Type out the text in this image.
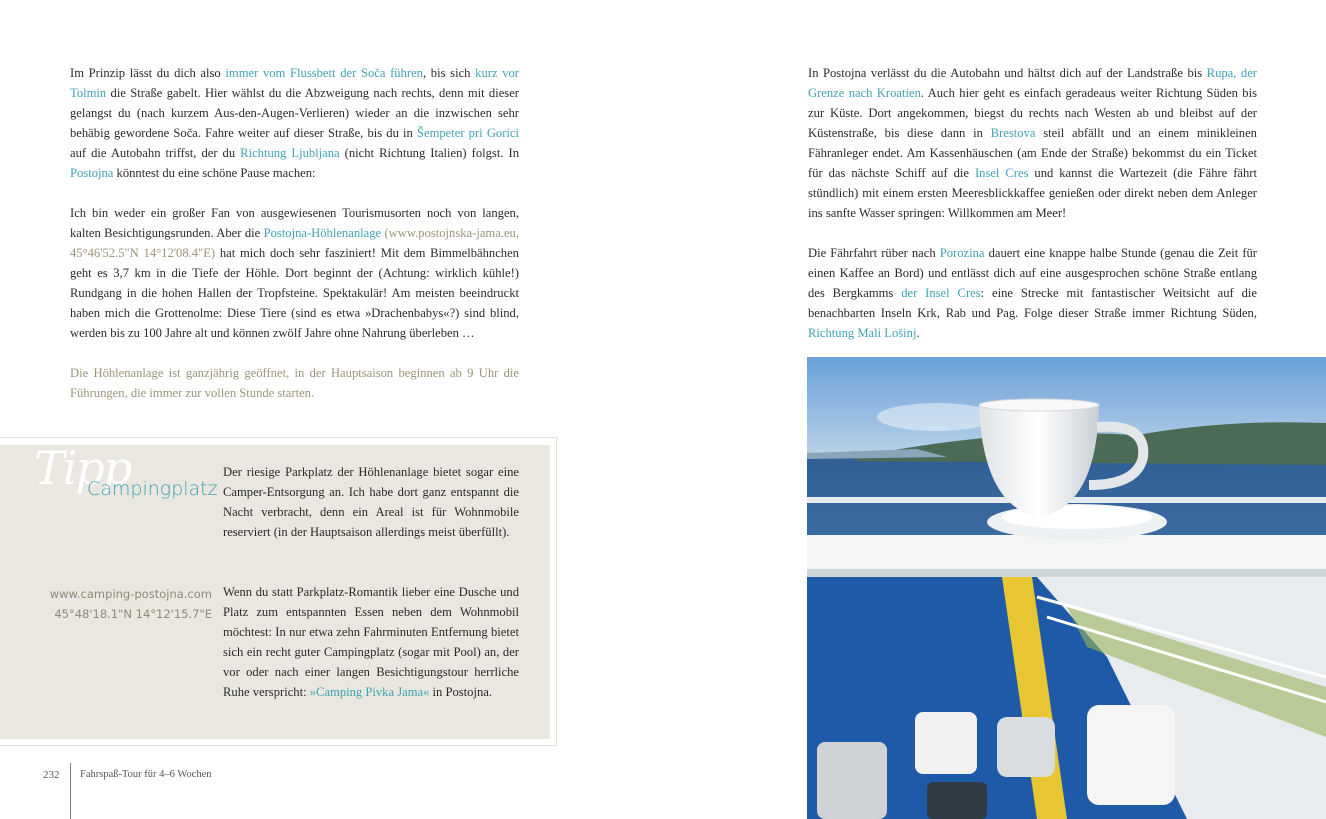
Im Prinzip lässt du dich also immer vom Flussbett der Soča führen, bis sich kurz vor Tolmin die Straße gabelt. Hier wählst du die Abzweigung nach rechts, denn mit dieser gelangst du (nach kurzem Aus-den-Augen-Verlieren) wieder an die inzwischen sehr behäbig gewordene Soča. Fahre weiter auf dieser Straße, bis du in Šempeter pri Gorici auf die Autobahn triffst, der du Richtung Ljubljana (nicht Richtung Italien) folgst. In Postojna könntest du eine schöne Pause machen:

Ich bin weder ein großer Fan von ausgewiesenen Tourismusorten noch von langen, kalten Besichtigungsrunden. Aber die Postojna-Höhlenanlage (www.postojnska-jama.eu, 45°46'52.5"N 14°12'08.4"E) hat mich doch sehr fasziniert! Mit dem Bimmelbähnchen geht es 3,7 km in die Tiefe der Höhle. Dort beginnt der (Achtung: wirklich kühle!) Rundgang in die hohen Hallen der Tropfsteine. Spektakulär! Am meisten beeindruckt haben mich die Grottenolme: Diese Tiere (sind es etwa »Drachenbabys«?) sind blind, werden bis zu 100 Jahre alt und können zwölf Jahre ohne Nahrung überleben …

Die Höhlenanlage ist ganzjährig geöffnet, in der Hauptsaison beginnen ab 9 Uhr die Führungen, die immer zur vollen Stunde starten.

Tipp
Campingplatz

Der riesige Parkplatz der Höhlenanlage bietet sogar eine Camper-Entsorgung an. Ich habe dort ganz entspannt die Nacht verbracht, denn ein Areal ist für Wohnmobile reserviert (in der Hauptsaison allerdings meist überfüllt).

Wenn du statt Parkplatz-Romantik lieber eine Dusche und Platz zum entspannten Essen neben dem Wohnmobil möchtest: In nur etwa zehn Fahrminuten Entfernung bietet sich ein recht guter Campingplatz (sogar mit Pool) an, der vor oder nach einer langen Besichtigungstour herrliche Ruhe verspricht: »Camping Pivka Jama« in Postojna.

www.camping-postojna.com
45°48'18.1"N 14°12'15.7"E
232 Fahrspaß-Tour für 4–6 Wochen

In Postojna verlässt du die Autobahn und hältst dich auf der Landstraße bis Rupa, der Grenze nach Kroatien. Auch hier geht es einfach geradeaus weiter Richtung Süden bis zur Küste. Dort angekommen, biegst du rechts nach Westen ab und bleibst auf der Küstenstraße, bis diese dann in Brestova steil abfällt und an einem minikleinen Fähranleger endet. Am Kassenhäuschen (am Ende der Straße) bekommst du ein Ticket für das nächste Schiff auf die Insel Cres und kannst die Wartezeit (die Fähre fährt stündlich) mit einem ersten Meeresblickkaffee genießen oder direkt neben dem Anleger ins sanfte Wasser springen: Willkommen am Meer!

Die Fährfahrt rüber nach Porozina dauert eine knappe halbe Stunde (genau die Zeit für einen Kaffee an Bord) und entlässt dich auf eine ausgesprochen schöne Straße entlang des Bergkamms der Insel Cres: eine Strecke mit fantastischer Weitsicht auf die benachbarten Inseln Krk, Rab und Pag. Folge dieser Straße immer Richtung Süden, Richtung Mali Lošinj.
